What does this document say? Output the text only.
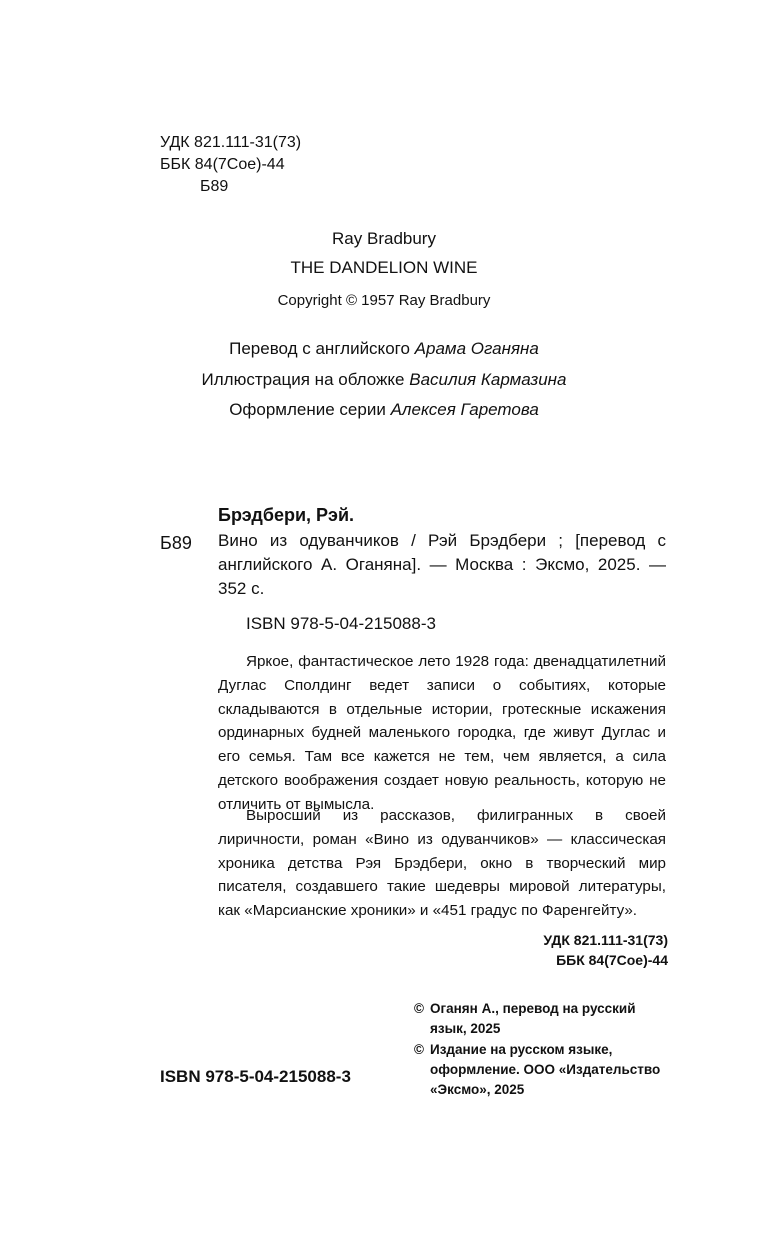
УДК 821.111-31(73)
ББК 84(7Сое)-44
Б89
Ray Bradbury
THE DANDELION WINE
Copyright © 1957 Ray Bradbury
Перевод с английского Арама Оганяна
Иллюстрация на обложке Василия Кармазина
Оформление серии Алексея Гаретова
Брэдбери, Рэй.
Б89 Вино из одуванчиков / Рэй Брэдбери ; [перевод с английского А. Оганяна]. — Москва : Эксмо, 2025. — 352 с.
ISBN 978-5-04-215088-3
Яркое, фантастическое лето 1928 года: двенадцатилетний Дуглас Сполдинг ведет записи о событиях, которые складываются в отдельные истории, гротескные искажения ординарных будней маленького городка, где живут Дуглас и его семья. Там все кажется не тем, чем является, а сила детского воображения создает новую реальность, которую не отличить от вымысла.
Выросший из рассказов, филигранных в своей лиричности, роман «Вино из одуванчиков» — классическая хроника детства Рэя Брэдбери, окно в творческий мир писателя, создавшего такие шедевры мировой литературы, как «Марсианские хроники» и «451 градус по Фаренгейту».
УДК 821.111-31(73)
ББК 84(7Сое)-44
© Оганян А., перевод на русский язык, 2025
© Издание на русском языке, оформление. ООО «Издательство «Эксмо», 2025
ISBN 978-5-04-215088-3
